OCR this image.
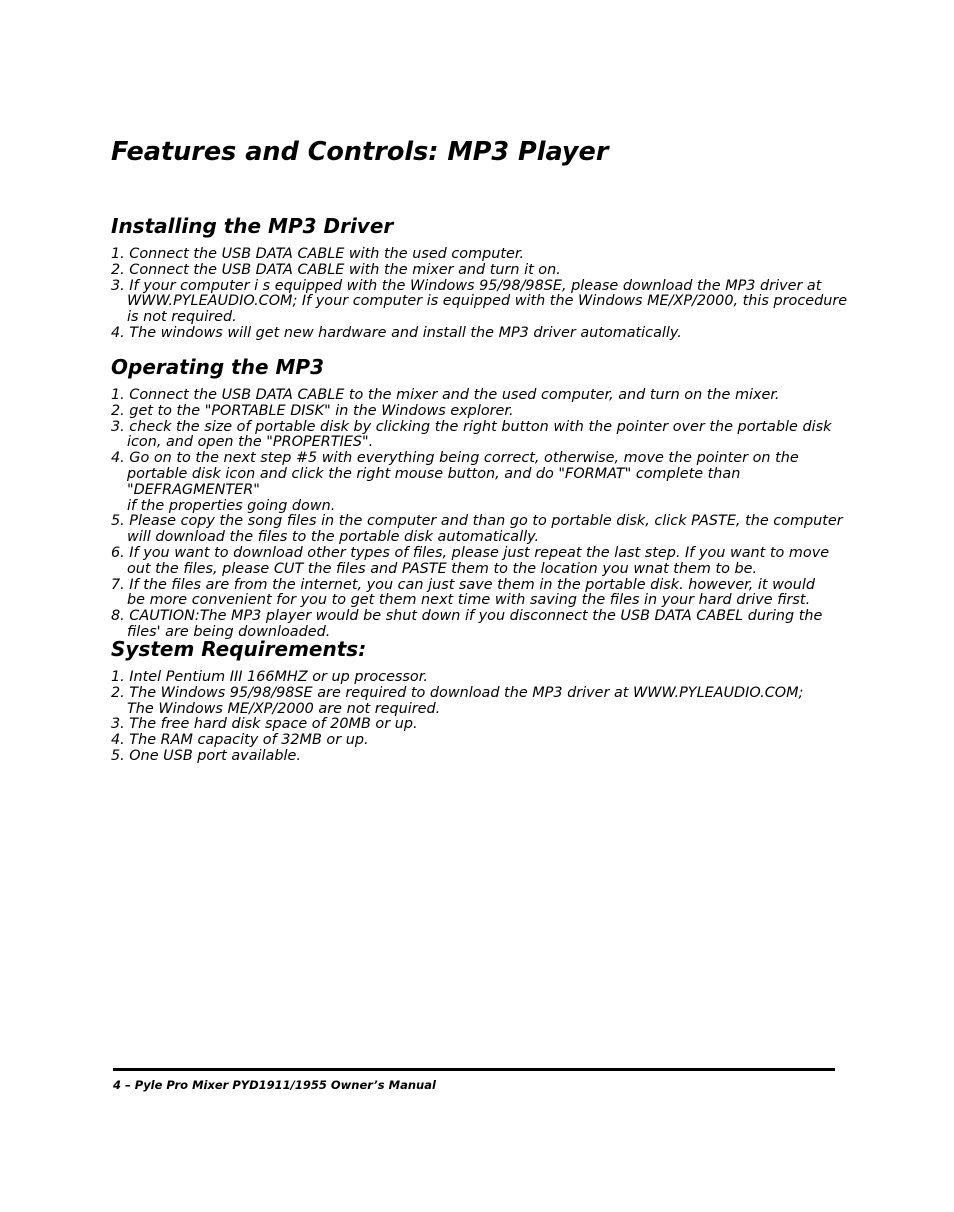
Features and Controls: MP3 Player
Installing the MP3 Driver
1. Connect the USB DATA CABLE with the used computer.
2. Connect the USB DATA CABLE with the mixer and turn it on.
3. If your computer i s equipped with the Windows 95/98/98SE, please download the MP3 driver at
WWW.PYLEAUDIO.COM; If your computer is equipped with the Windows ME/XP/2000, this procedure
is not required.
4. The windows will get new hardware and install the MP3 driver automatically.
Operating the MP3
1. Connect the USB DATA CABLE to the mixer and the used computer, and turn on the mixer.
2. get to the "PORTABLE DISK" in the Windows explorer.
3. check the size of portable disk by clicking the right button with the pointer over the portable disk
icon, and open the "PROPERTIES".
4. Go on to the next step #5 with everything being correct, otherwise, move the pointer on the
portable disk icon and click the right mouse button, and do "FORMAT" complete than "DEFRAGMENTER"
if the properties going down.
5. Please copy the song files in the computer and than go to portable disk, click PASTE, the computer
will download the files to the portable disk automatically.
6. If you want to download other types of files, please just repeat the last step. If you want to move
out the files, please CUT the files and PASTE them to the location you wnat them to be.
7. If the files are from the internet, you can just save them in the portable disk. however, it would
be more convenient for you to get them next time with saving the files in your hard drive first.
8. CAUTION:The MP3 player would be shut down if you disconnect the USB DATA CABEL during the
files' are being downloaded.
System Requirements:
1. Intel Pentium III 166MHZ or up processor.
2. The Windows 95/98/98SE are required to download the MP3 driver at WWW.PYLEAUDIO.COM;
The Windows ME/XP/2000 are not required.
3. The free hard disk space of 20MB or up.
4. The RAM capacity of 32MB or up.
5. One USB port available.
4 – Pyle Pro Mixer PYD1911/1955 Owner’s Manual
